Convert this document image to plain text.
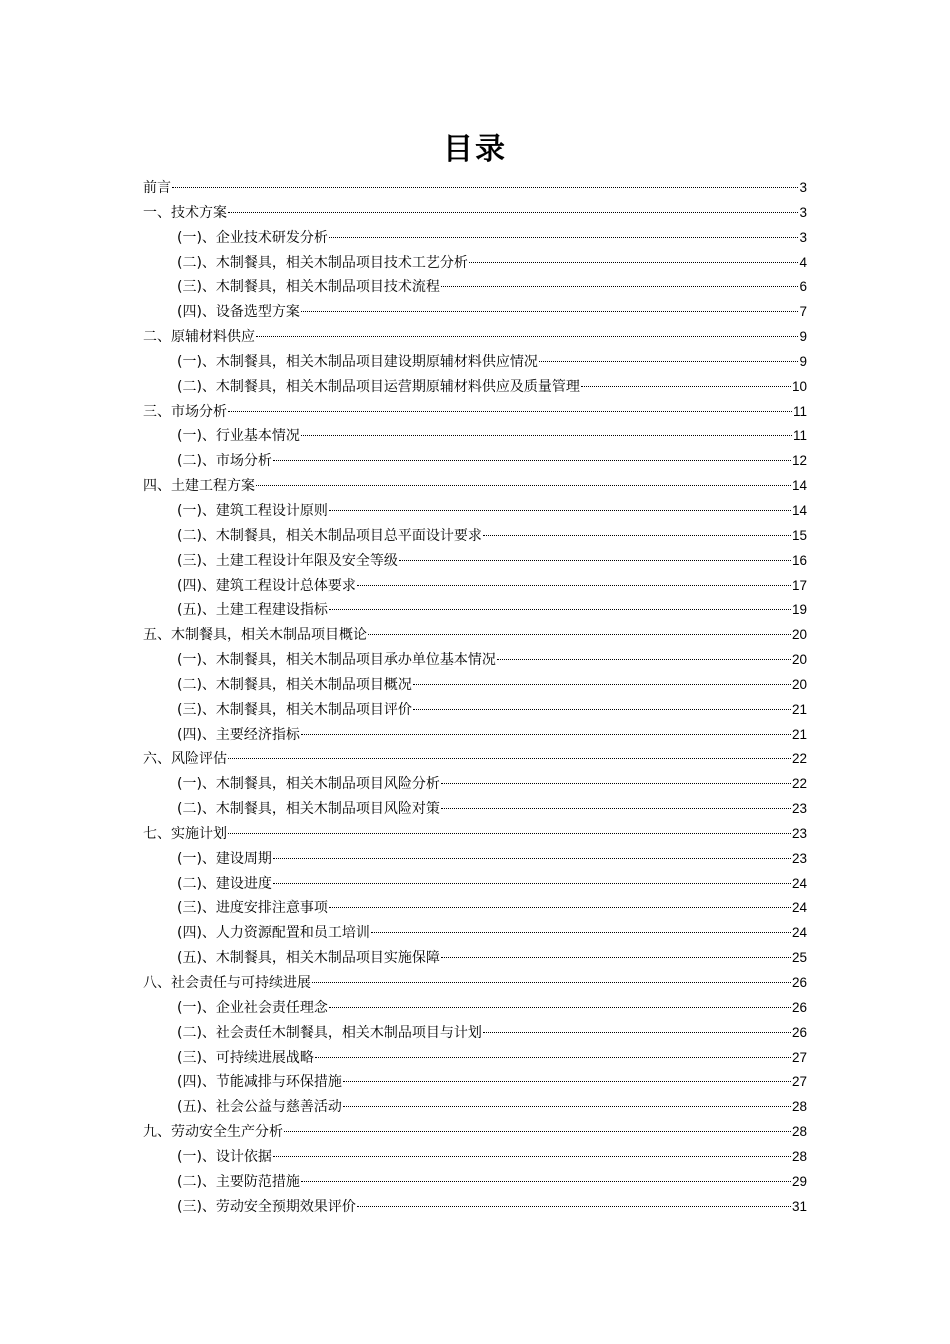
目录
前言	3
一、技术方案	3
(一)、企业技术研发分析	3
(二)、木制餐具，相关木制品项目技术工艺分析	4
(三)、木制餐具，相关木制品项目技术流程	6
(四)、设备选型方案	7
二、原辅材料供应	9
(一)、木制餐具，相关木制品项目建设期原辅材料供应情况	9
(二)、木制餐具，相关木制品项目运营期原辅材料供应及质量管理	10
三、市场分析	11
(一)、行业基本情况	11
(二)、市场分析	12
四、土建工程方案	14
(一)、建筑工程设计原则	14
(二)、木制餐具，相关木制品项目总平面设计要求	15
(三)、土建工程设计年限及安全等级	16
(四)、建筑工程设计总体要求	17
(五)、土建工程建设指标	19
五、木制餐具，相关木制品项目概论	20
(一)、木制餐具，相关木制品项目承办单位基本情况	20
(二)、木制餐具，相关木制品项目概况	20
(三)、木制餐具，相关木制品项目评价	21
(四)、主要经济指标	21
六、风险评估	22
(一)、木制餐具，相关木制品项目风险分析	22
(二)、木制餐具，相关木制品项目风险对策	23
七、实施计划	23
(一)、建设周期	23
(二)、建设进度	24
(三)、进度安排注意事项	24
(四)、人力资源配置和员工培训	24
(五)、木制餐具，相关木制品项目实施保障	25
八、社会责任与可持续进展	26
(一)、企业社会责任理念	26
(二)、社会责任木制餐具，相关木制品项目与计划	26
(三)、可持续进展战略	27
(四)、节能减排与环保措施	27
(五)、社会公益与慈善活动	28
九、劳动安全生产分析	28
(一)、设计依据	28
(二)、主要防范措施	29
(三)、劳动安全预期效果评价	31
